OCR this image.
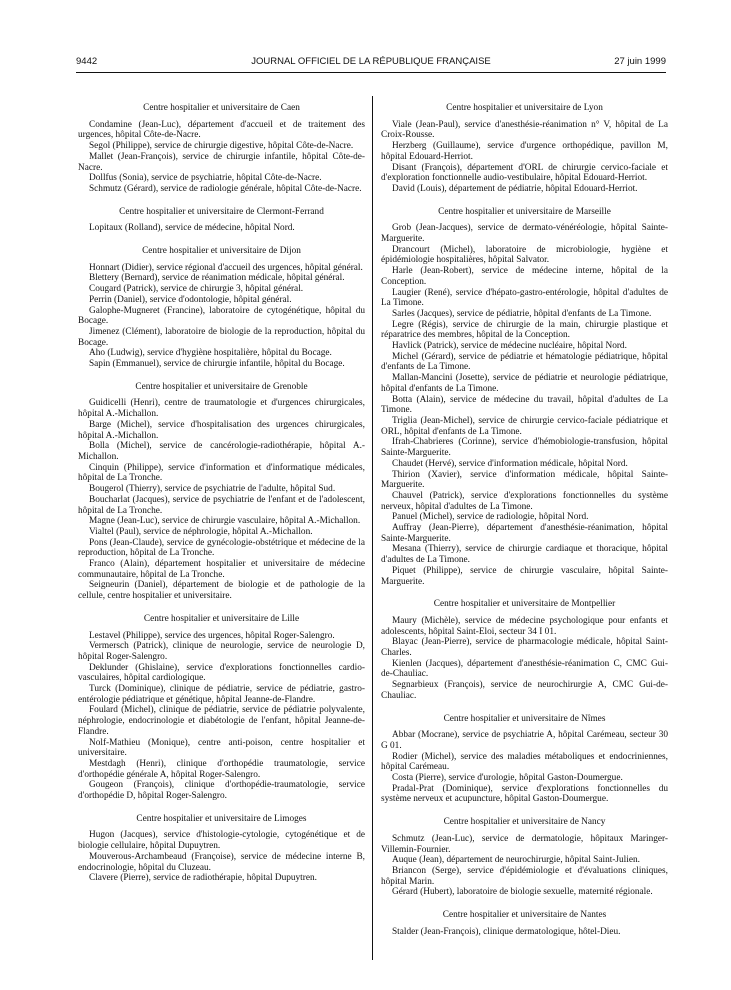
9442	JOURNAL OFFICIEL DE LA RÉPUBLIQUE FRANÇAISE	27 juin 1999

Centre hospitalier et universitaire de Caen

Condamine (Jean-Luc), département d'accueil et de traitement des urgences, hôpital Côte-de-Nacre.

Segol (Philippe), service de chirurgie digestive, hôpital Côte-de-Nacre.

Mallet (Jean-François), service de chirurgie infantile, hôpital Côte-de-Nacre.

Dollfus (Sonia), service de psychiatrie, hôpital Côte-de-Nacre.

Schmutz (Gérard), service de radiologie générale, hôpital Côte-de-Nacre.

Centre hospitalier et universitaire de Clermont-Ferrand

Lopitaux (Rolland), service de médecine, hôpital Nord.

Centre hospitalier et universitaire de Dijon

Honnart (Didier), service régional d'accueil des urgences, hôpital général.

Blettery (Bernard), service de réanimation médicale, hôpital général.

Cougard (Patrick), service de chirurgie 3, hôpital général.

Perrin (Daniel), service d'odontologie, hôpital général.

Galophe-Mugneret (Francine), laboratoire de cytogénétique, hôpital du Bocage.

Jimenez (Clément), laboratoire de biologie de la reproduction, hôpital du Bocage.

Aho (Ludwig), service d'hygiène hospitalière, hôpital du Bocage.

Sapin (Emmanuel), service de chirurgie infantile, hôpital du Bocage.

Centre hospitalier et universitaire de Grenoble

Guidicelli (Henri), centre de traumatologie et d'urgences chirurgicales, hôpital A.-Michallon.

Barge (Michel), service d'hospitalisation des urgences chirurgicales, hôpital A.-Michallon.

Bolla (Michel), service de cancérologie-radiothérapie, hôpital A.-Michallon.

Cinquin (Philippe), service d'information et d'informatique médicales, hôpital de La Tronche.

Bougerol (Thierry), service de psychiatrie de l'adulte, hôpital Sud.

Boucharlat (Jacques), service de psychiatrie de l'enfant et de l'adolescent, hôpital de La Tronche.

Magne (Jean-Luc), service de chirurgie vasculaire, hôpital A.-Michallon.

Vialtel (Paul), service de néphrologie, hôpital A.-Michallon.

Pons (Jean-Claude), service de gynécologie-obstétrique et médecine de la reproduction, hôpital de La Tronche.

Franco (Alain), département hospitalier et universitaire de médecine communautaire, hôpital de La Tronche.

Seigneurin (Daniel), département de biologie et de pathologie de la cellule, centre hospitalier et universitaire.

Centre hospitalier et universitaire de Lille

Lestavel (Philippe), service des urgences, hôpital Roger-Salengro.

Vermersch (Patrick), clinique de neurologie, service de neurologie D, hôpital Roger-Salengro.

Deklunder (Ghislaine), service d'explorations fonctionnelles cardio-vasculaires, hôpital cardiologique.

Turck (Dominique), clinique de pédiatrie, service de pédiatrie, gastro-entérologie pédiatrique et génétique, hôpital Jeanne-de-Flandre.

Foulard (Michel), clinique de pédiatrie, service de pédiatrie polyvalente, néphrologie, endocrinologie et diabétologie de l'enfant, hôpital Jeanne-de-Flandre.

Nolf-Mathieu (Monique), centre anti-poison, centre hospitalier et universitaire.

Mestdagh (Henri), clinique d'orthopédie traumatologie, service d'orthopédie générale A, hôpital Roger-Salengro.

Gougeon (François), clinique d'orthopédie-traumatologie, service d'orthopédie D, hôpital Roger-Salengro.

Centre hospitalier et universitaire de Limoges

Hugon (Jacques), service d'histologie-cytologie, cytogénétique et de biologie cellulaire, hôpital Dupuytren.

Mouverous-Archambeaud (Françoise), service de médecine interne B, endocrinologie, hôpital du Cluzeau.

Clavere (Pierre), service de radiothérapie, hôpital Dupuytren.

Centre hospitalier et universitaire de Lyon

Viale (Jean-Paul), service d'anesthésie-réanimation n° V, hôpital de La Croix-Rousse.

Herzberg (Guillaume), service d'urgence orthopédique, pavillon M, hôpital Edouard-Herriot.

Disant (François), département d'ORL de chirurgie cervico-faciale et d'exploration fonctionnelle audio-vestibulaire, hôpital Edouard-Herriot.

David (Louis), département de pédiatrie, hôpital Edouard-Herriot.

Centre hospitalier et universitaire de Marseille

Grob (Jean-Jacques), service de dermato-vénéréologie, hôpital Sainte-Marguerite.

Drancourt (Michel), laboratoire de microbiologie, hygiène et épidémiologie hospitalières, hôpital Salvator.

Harle (Jean-Robert), service de médecine interne, hôpital de la Conception.

Laugier (René), service d'hépato-gastro-entérologie, hôpital d'adultes de La Timone.

Sarles (Jacques), service de pédiatrie, hôpital d'enfants de La Timone.

Legre (Régis), service de chirurgie de la main, chirurgie plastique et réparatrice des membres, hôpital de la Conception.

Havlick (Patrick), service de médecine nucléaire, hôpital Nord.

Michel (Gérard), service de pédiatrie et hématologie pédiatrique, hôpital d'enfants de La Timone.

Mallan-Mancini (Josette), service de pédiatrie et neurologie pédiatrique, hôpital d'enfants de La Timone.

Botta (Alain), service de médecine du travail, hôpital d'adultes de La Timone.

Triglia (Jean-Michel), service de chirurgie cervico-faciale pédiatrique et ORL, hôpital d'enfants de La Timone.

Ifrah-Chabrieres (Corinne), service d'hémobiologie-transfusion, hôpital Sainte-Marguerite.

Chaudet (Hervé), service d'information médicale, hôpital Nord.

Thirion (Xavier), service d'information médicale, hôpital Sainte-Marguerite.

Chauvel (Patrick), service d'explorations fonctionnelles du système nerveux, hôpital d'adultes de La Timone.

Panuel (Michel), service de radiologie, hôpital Nord.

Auffray (Jean-Pierre), département d'anesthésie-réanimation, hôpital Sainte-Marguerite.

Mesana (Thierry), service de chirurgie cardiaque et thoracique, hôpital d'adultes de La Timone.

Piquet (Philippe), service de chirurgie vasculaire, hôpital Sainte-Marguerite.

Centre hospitalier et universitaire de Montpellier

Maury (Michèle), service de médecine psychologique pour enfants et adolescents, hôpital Saint-Eloi, secteur 34 I 01.

Blayac (Jean-Pierre), service de pharmacologie médicale, hôpital Saint-Charles.

Kienlen (Jacques), département d'anesthésie-réanimation C, CMC Gui-de-Chauliac.

Segnarbieux (François), service de neurochirurgie A, CMC Gui-de-Chauliac.

Centre hospitalier et universitaire de Nîmes

Abbar (Mocrane), service de psychiatrie A, hôpital Carémeau, secteur 30 G 01.

Rodier (Michel), service des maladies métaboliques et endocriniennes, hôpital Carémeau.

Costa (Pierre), service d'urologie, hôpital Gaston-Doumergue.

Pradal-Prat (Dominique), service d'explorations fonctionnelles du système nerveux et acupuncture, hôpital Gaston-Doumergue.

Centre hospitalier et universitaire de Nancy

Schmutz (Jean-Luc), service de dermatologie, hôpitaux Maringer-Villemin-Fournier.

Auque (Jean), département de neurochirurgie, hôpital Saint-Julien.

Briancon (Serge), service d'épidémiologie et d'évaluations cliniques, hôpital Marin.

Gérard (Hubert), laboratoire de biologie sexuelle, maternité régionale.

Centre hospitalier et universitaire de Nantes

Stalder (Jean-François), clinique dermatologique, hôtel-Dieu.
